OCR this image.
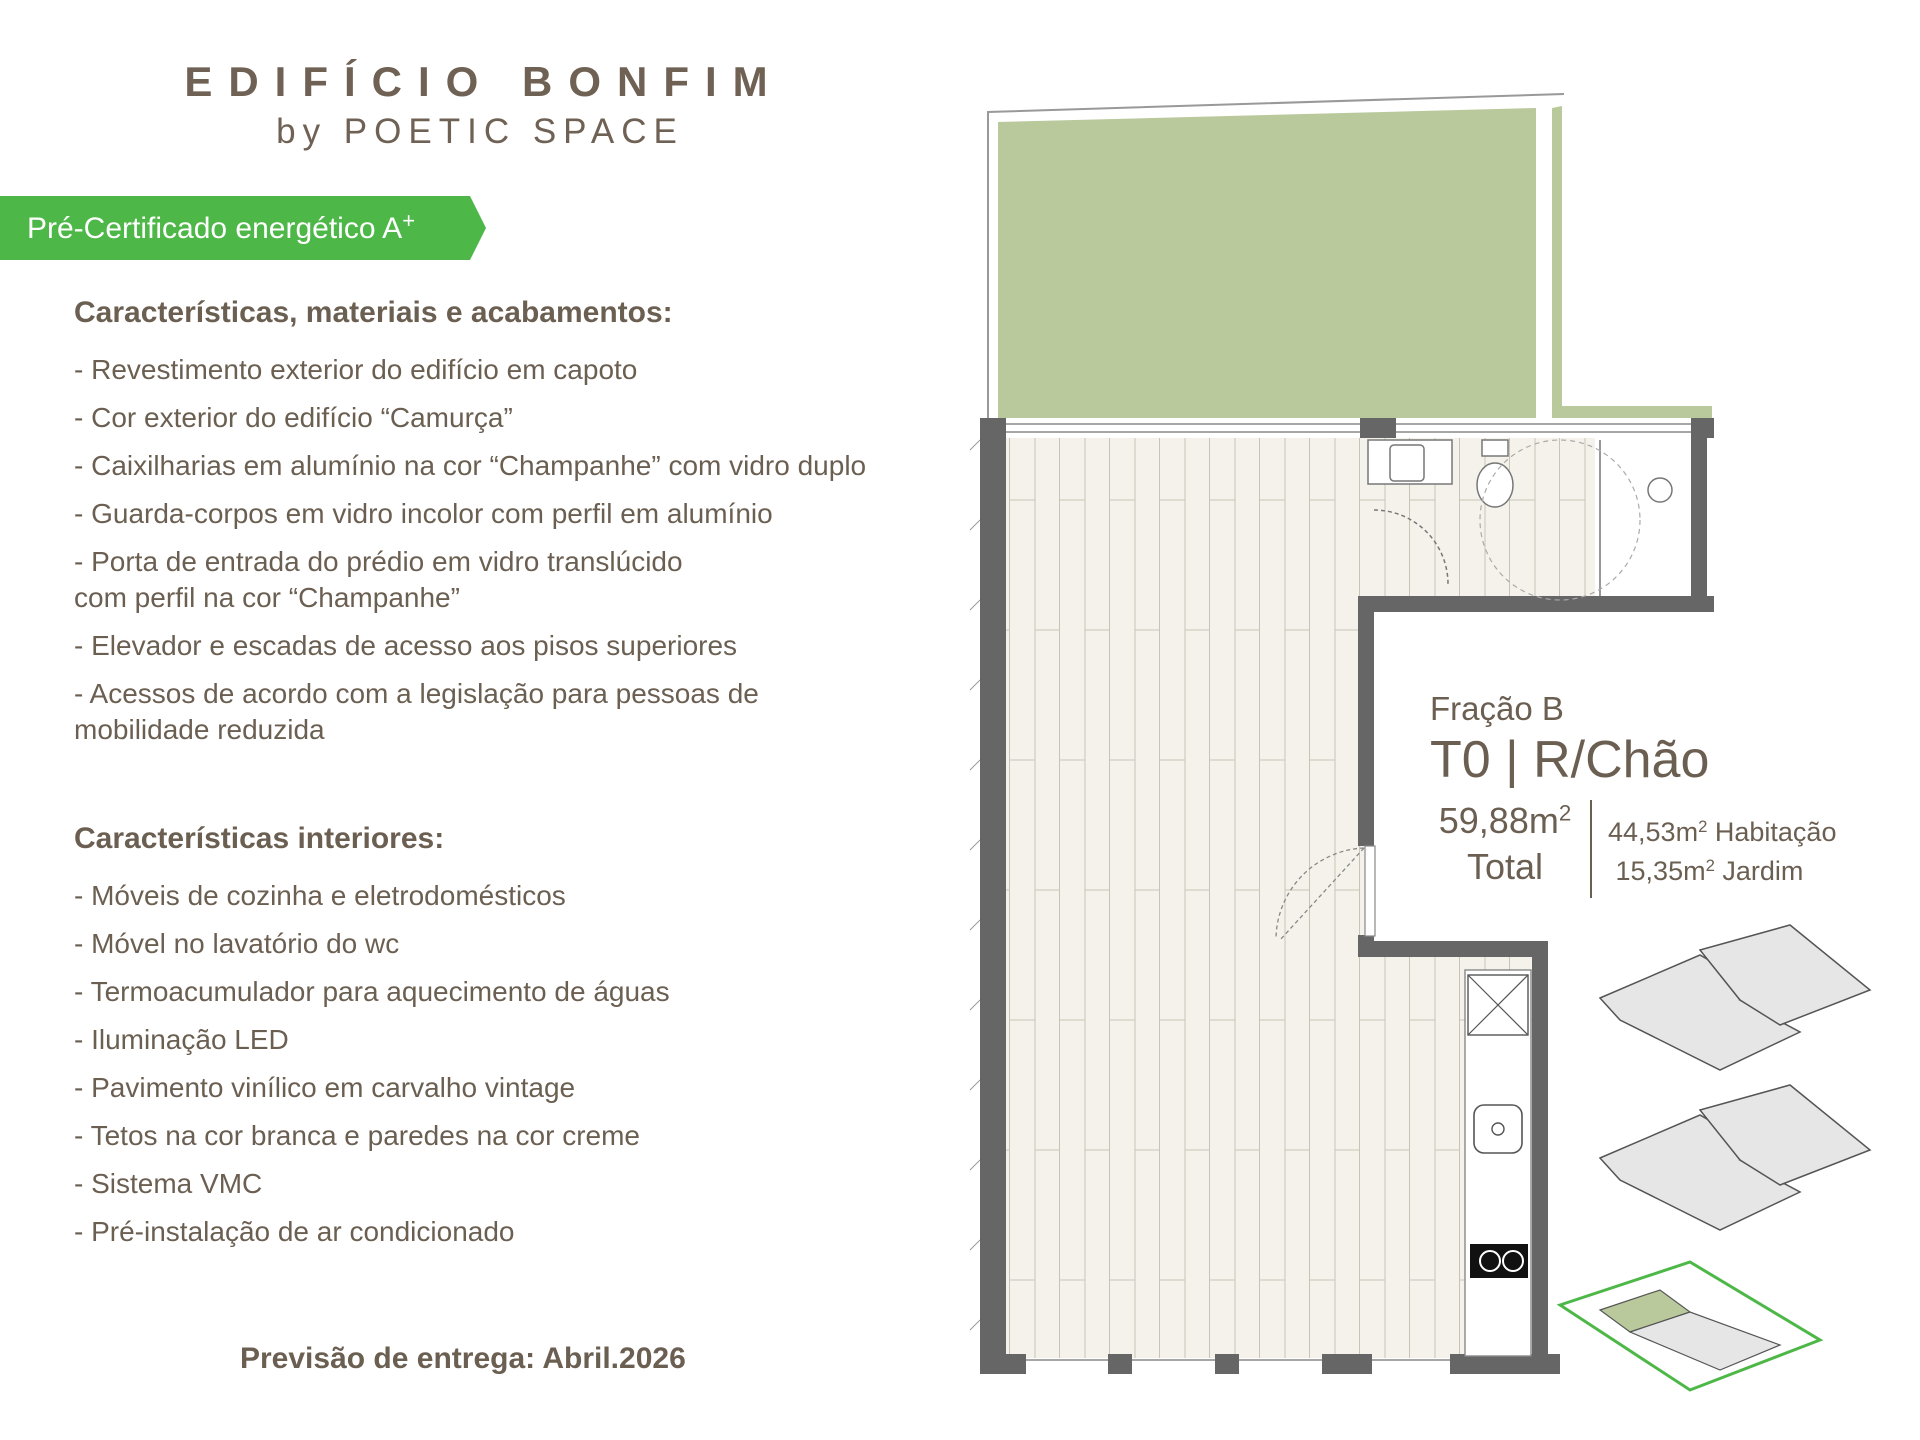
EDIFÍCIO BONFIM
by POETIC SPACE
Pré-Certificado energético A+
Características, materiais e acabamentos:
- Revestimento exterior do edifício em capoto
- Cor exterior do edifício “Camurça”
- Caixilharias em alumínio na cor “Champanhe” com vidro duplo
- Guarda-corpos em vidro incolor com perfil em alumínio
- Porta de entrada do prédio em vidro translúcido
com perfil na cor “Champanhe”
- Elevador e escadas de acesso aos pisos superiores
- Acessos de acordo com a legislação para pessoas de
mobilidade reduzida
Características interiores:
- Móveis de cozinha e eletrodomésticos
- Móvel no lavatório do wc
- Termoacumulador para aquecimento de águas
- Iluminação LED
- Pavimento vinílico em carvalho vintage
- Tetos na cor branca e paredes na cor creme
- Sistema VMC
- Pré-instalação de ar condicionado
Previsão de entrega: Abril.2026
Fração B
T0 | R/Chão
$59,88m^2$
Total
$44,53m^2$ Habitação
$15,35m^2$ Jardim
